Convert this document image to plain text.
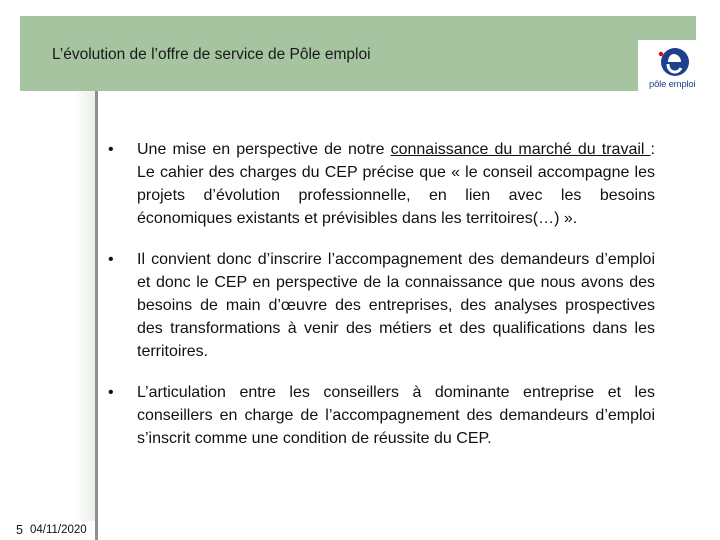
L’évolution de l’offre de service de Pôle emploi
pôle emploi
•	Une mise en perspective de notre connaissance du marché du travail : Le cahier des charges du CEP précise que « le conseil accompagne les projets d’évolution professionnelle, en lien avec les besoins économiques existants et prévisibles dans les territoires(…) ».
•	Il convient donc d’inscrire l’accompagnement des demandeurs d’emploi et donc le CEP en perspective de la connaissance que nous avons des besoins de main d’œuvre des entreprises, des analyses prospectives des transformations à venir des métiers et des qualifications dans les territoires.
•	L’articulation entre les conseillers à dominante entreprise et les conseillers en charge de l’accompagnement des demandeurs d’emploi s’inscrit comme une condition de réussite du CEP.
5 04/11/2020
